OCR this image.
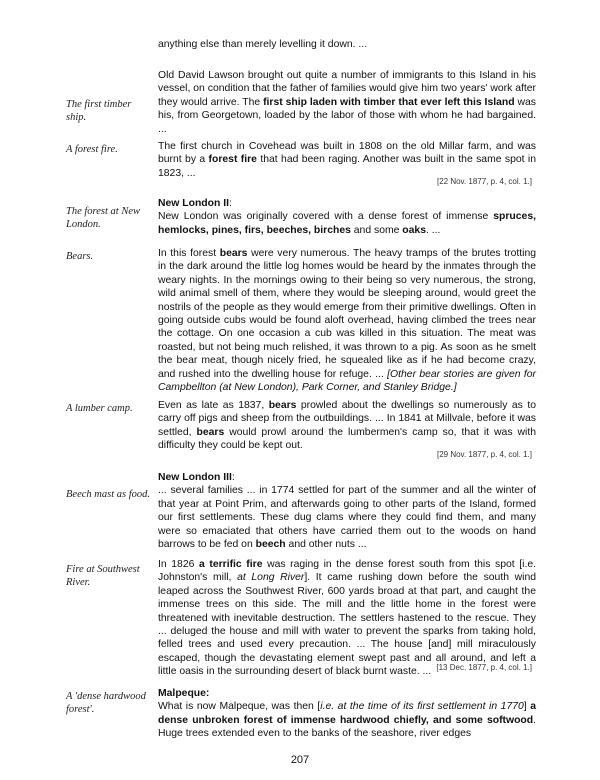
The first timber ship.
A forest fire.
The forest at New London.
Bears.
A lumber camp.
Beech mast as food.
Fire at Southwest River.
A 'dense hardwood forest'.
anything else than merely levelling it down. ...
Old David Lawson brought out quite a number of immigrants to this Island in his vessel, on condition that the father of families would give him two years' work after they would arrive. The first ship laden with timber that ever left this Island was his, from Georgetown, loaded by the labor of those with whom he had bargained. ...
The first church in Covehead was built in 1808 on the old Millar farm, and was burnt by a forest fire that had been raging. Another was built in the same spot in 1823, ...
[22 Nov. 1877, p. 4, col. 1.]
New London II:
New London was originally covered with a dense forest of immense spruces, hemlocks, pines, firs, beeches, birches and some oaks. ...
In this forest bears were very numerous. The heavy tramps of the brutes trotting in the dark around the little log homes would be heard by the inmates through the weary nights. In the mornings owing to their being so very numerous, the strong, wild animal smell of them, where they would be sleeping around, would greet the nostrils of the people as they would emerge from their primitive dwellings. Often in going outside cubs would be found aloft overhead, having climbed the trees near the cottage. On one occasion a cub was killed in this situation. The meat was roasted, but not being much relished, it was thrown to a pig. As soon as he smelt the bear meat, though nicely fried, he squealed like as if he had become crazy, and rushed into the dwelling house for refuge. ... [Other bear stories are given for Campbellton (at New London), Park Corner, and Stanley Bridge.]
Even as late as 1837, bears prowled about the dwellings so numerously as to carry off pigs and sheep from the outbuildings. ... In 1841 at Millvale, before it was settled, bears would prowl around the lumbermen's camp so, that it was with difficulty they could be kept out.
[29 Nov. 1877, p. 4, col. 1.]
New London III:
... several families ... in 1774 settled for part of the summer and all the winter of that year at Point Prim, and afterwards going to other parts of the Island, formed our first settlements. These dug clams where they could find them, and many were so emaciated that others have carried them out to the woods on hand barrows to be fed on beech and other nuts ...
In 1826 a terrific fire was raging in the dense forest south from this spot [i.e. Johnston's mill, at Long River]. It came rushing down before the south wind leaped across the Southwest River, 600 yards broad at that part, and caught the immense trees on this side. The mill and the little home in the forest were threatened with inevitable destruction. The settlers hastened to the rescue. They ... deluged the house and mill with water to prevent the sparks from taking hold, felled trees and used every precaution. ... The house [and] mill miraculously escaped, though the devastating element swept past and all around, and left a little oasis in the surrounding desert of black burnt waste. ... [13 Dec. 1877, p. 4, col. 1.]
Malpeque:
What is now Malpeque, was then [i.e. at the time of its first settlement in 1770] a dense unbroken forest of immense hardwood chiefly, and some softwood. Huge trees extended even to the banks of the seashore, river edges
207
